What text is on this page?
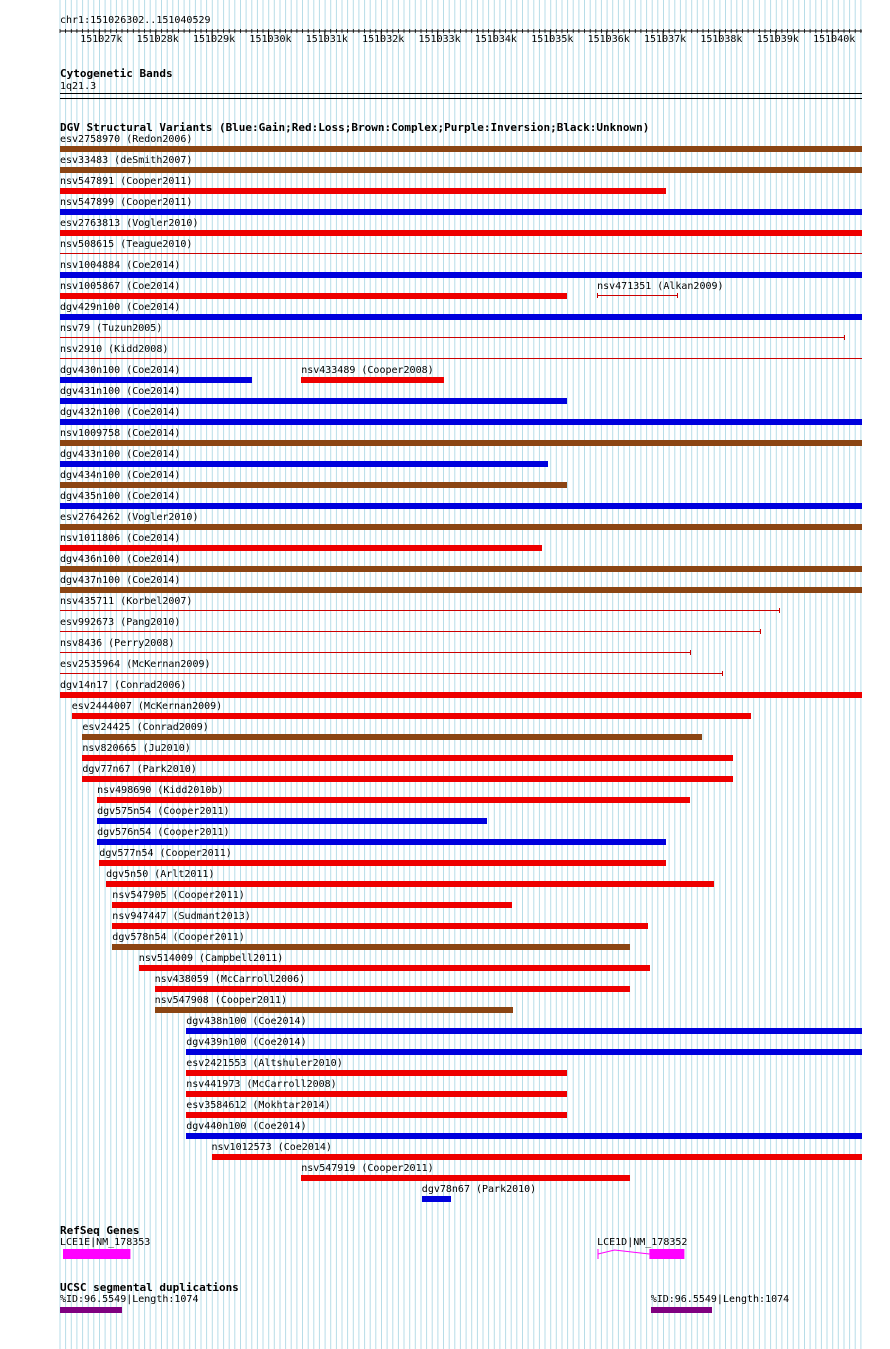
chr1:151026302..151040529
151027k 151028k 151029k 151030k 151031k 151032k 151033k 151034k 151035k 151036k 151037k 151038k 151039k 151040k
Cytogenetic Bands
1q21.3
DGV Structural Variants (Blue:Gain;Red:Loss;Brown:Complex;Purple:Inversion;Black:Unknown)
esv2758970 (Redon2006)
esv33483 (deSmith2007)
nsv547891 (Cooper2011)
nsv547899 (Cooper2011)
esv2763813 (Vogler2010)
nsv508615 (Teague2010)
nsv1004884 (Coe2014)
nsv1005867 (Coe2014)	nsv471351 (Alkan2009)
dgv429n100 (Coe2014)
nsv79 (Tuzun2005)
nsv2910 (Kidd2008)
dgv430n100 (Coe2014)	nsv433489 (Cooper2008)
dgv431n100 (Coe2014)
dgv432n100 (Coe2014)
nsv1009758 (Coe2014)
dgv433n100 (Coe2014)
dgv434n100 (Coe2014)
dgv435n100 (Coe2014)
esv2764262 (Vogler2010)
nsv1011806 (Coe2014)
dgv436n100 (Coe2014)
dgv437n100 (Coe2014)
nsv435711 (Korbel2007)
esv992673 (Pang2010)
nsv8436 (Perry2008)
esv2535964 (McKernan2009)
dgv14n17 (Conrad2006)
esv2444007 (McKernan2009)
esv24425 (Conrad2009)
nsv820665 (Ju2010)
dgv77n67 (Park2010)
nsv498690 (Kidd2010b)
dgv575n54 (Cooper2011)
dgv576n54 (Cooper2011)
dgv577n54 (Cooper2011)
dgv5n50 (Arlt2011)
nsv547905 (Cooper2011)
nsv947447 (Sudmant2013)
dgv578n54 (Cooper2011)
nsv514009 (Campbell2011)
nsv438059 (McCarroll2006)
nsv547908 (Cooper2011)
dgv438n100 (Coe2014)
dgv439n100 (Coe2014)
esv2421553 (Altshuler2010)
nsv441973 (McCarroll2008)
esv3584612 (Mokhtar2014)
dgv440n100 (Coe2014)
nsv1012573 (Coe2014)
nsv547919 (Cooper2011)
dgv78n67 (Park2010)
RefSeq Genes
LCE1E|NM_178353	LCE1D|NM_178352
UCSC segmental duplications
%ID:96.5549|Length:1074	%ID:96.5549|Length:1074
